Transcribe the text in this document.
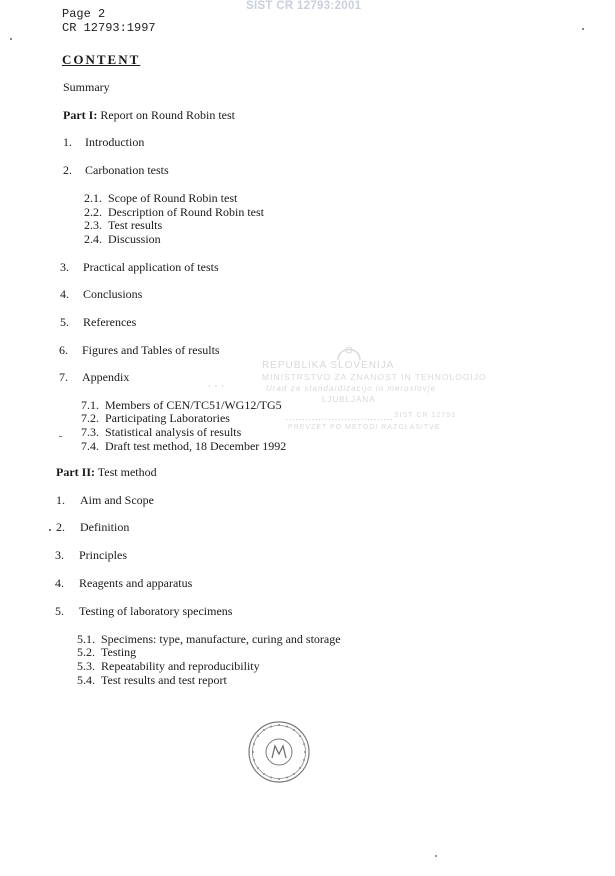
SIST CR 12793:2001
Page 2
CR 12793:1997
CONTENT
Summary
Part I: Report on Round Robin test
1. Introduction
2. Carbonation tests
2.1. Scope of Round Robin test
2.2. Description of Round Robin test
2.3. Test results
2.4. Discussion
3. Practical application of tests
4. Conclusions
5. References
6. Figures and Tables of results
7. Appendix
7.1. Members of CEN/TC51/WG12/TG5
7.2. Participating Laboratories
7.3. Statistical analysis of results
7.4. Draft test method, 18 December 1992
REPUBLIKA SLOVENIJA
MINISTRSTVO ZA ZNANOST IN TEHNOLOGIJO
Urad za standardizacijo in meroslovje
LJUBLJANA
................................. SIST CR 12793
PREVZET PO METODI RAZGLASITVE
· · ·
Part II: Test method
1. Aim and Scope
2. Definition
3. Principles
4. Reagents and apparatus
5. Testing of laboratory specimens
5.1. Specimens: type, manufacture, curing and storage
5.2. Testing
5.3. Repeatability and reproducibility
5.4. Test results and test report
